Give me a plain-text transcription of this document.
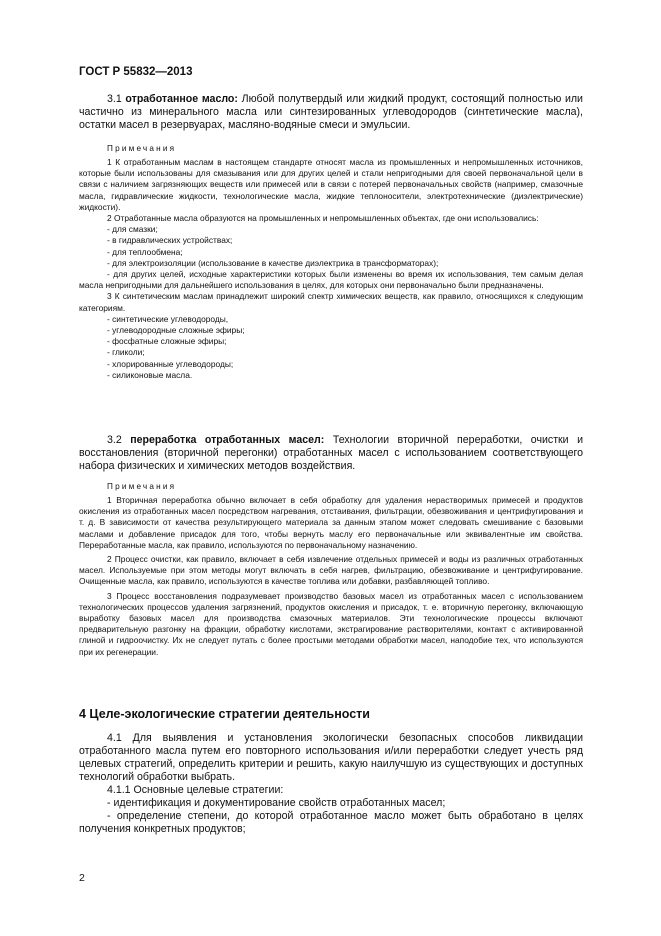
ГОСТ Р 55832—2013

3.1 отработанное масло: Любой полутвердый или жидкий продукт, состоящий полностью или частично из минерального масла или синтезированных углеводородов (синтетические масла), остатки масел в резервуарах, масляно-водяные смеси и эмульсии.

Примечания

1 К отработанным маслам в настоящем стандарте относят масла из промышленных и непромышленных источников, которые были использованы для смазывания или для других целей и стали непригодными для своей первоначальной цели в связи с наличием загрязняющих веществ или примесей или в связи с потерей первоначальных свойств (например, смазочные масла, гидравлические жидкости, технологические масла, жидкие теплоносители, электротехнические (диэлектрические) жидкости).

2 Отработанные масла образуются на промышленных и непромышленных объектах, где они использовались:

- для смазки;

- в гидравлических устройствах;

- для теплообмена;

- для электроизоляции (использование в качестве диэлектрика в трансформаторах);

- для других целей, исходные характеристики которых были изменены во время их использования, тем самым делая масла непригодными для дальнейшего использования в целях, для которых они первоначально были предназначены.

3 К синтетическим маслам принадлежит широкий спектр химических веществ, как правило, относящихся к следующим категориям.

- синтетические углеводороды,

- углеводородные сложные эфиры;

- фосфатные сложные эфиры;

- гликоли;

- хлорированные углеводороды;

- силиконовые масла.

3.2 переработка отработанных масел: Технологии вторичной переработки, очистки и восстановления (вторичной перегонки) отработанных масел с использованием соответствующего набора физических и химических методов воздействия.

Примечания

1 Вторичная переработка обычно включает в себя обработку для удаления нерастворимых примесей и продуктов окисления из отработанных масел посредством нагревания, отстаивания, фильтрации, обезвоживания и центрифугирования и т. д. В зависимости от качества результирующего материала за данным этапом может следовать смешивание с базовыми маслами и добавление присадок для того, чтобы вернуть маслу его первоначальные или эквивалентные им свойства. Переработанные масла, как правило, используются по первоначальному назначению.

2 Процесс очистки, как правило, включает в себя извлечение отдельных примесей и воды из различных отработанных масел. Используемые при этом методы могут включать в себя нагрев, фильтрацию, обезвоживание и центрифугирование. Очищенные масла, как правило, используются в качестве топлива или добавки, разбавляющей топливо.

3 Процесс восстановления подразумевает производство базовых масел из отработанных масел с использованием технологических процессов удаления загрязнений, продуктов окисления и присадок, т. е. вторичную перегонку, включающую выработку базовых масел для производства смазочных материалов. Эти технологические процессы включают предварительную разгонку на фракции, обработку кислотами, экстрагирование растворителями, контакт с активированной глиной и гидроочистку. Их не следует путать с более простыми методами обработки масел, наподобие тех, что используются при их регенерации.

4 Целе-экологические стратегии деятельности

4.1 Для выявления и установления экологически безопасных способов ликвидации отработанного масла путем его повторного использования и/или переработки следует учесть ряд целевых стратегий, определить критерии и решить, какую наилучшую из существующих и доступных технологий обработки выбрать.

4.1.1 Основные целевые стратегии:

- идентификация и документирование свойств отработанных масел;

- определение степени, до которой отработанное масло может быть обработано в целях получения конкретных продуктов;

2
